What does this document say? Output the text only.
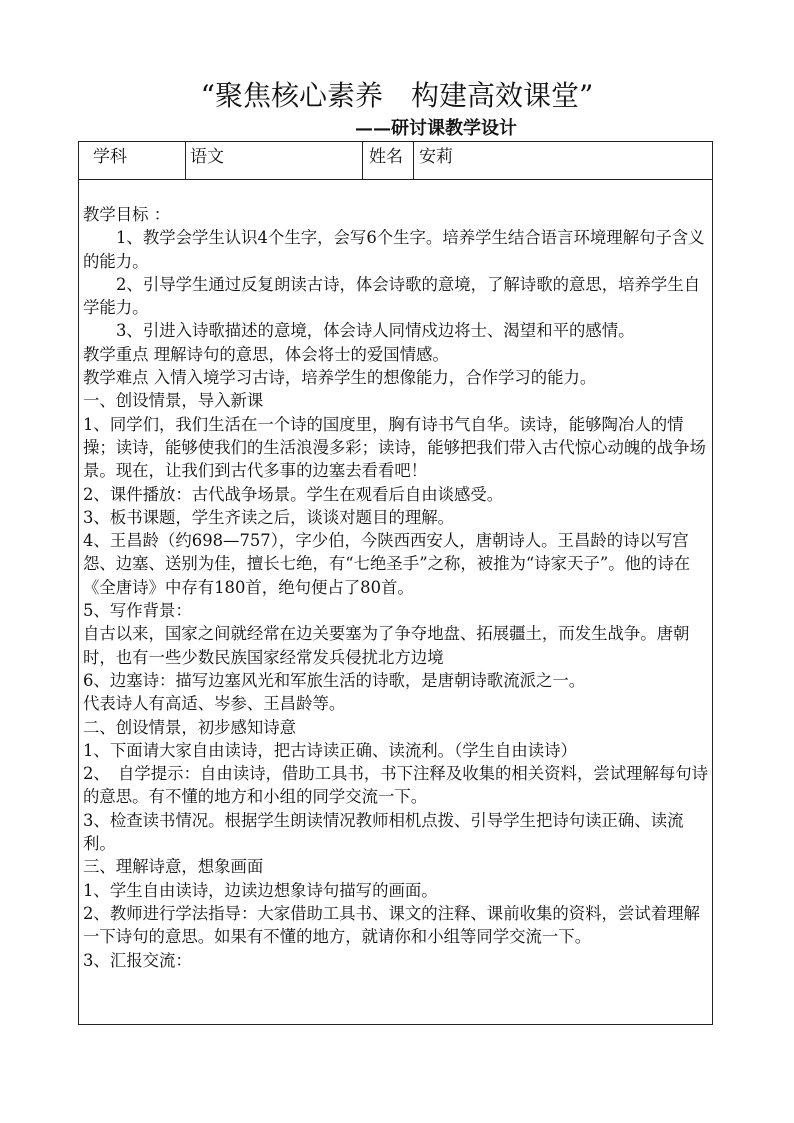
“聚焦核心素养　构建高效课堂”
——研讨课教学设计
学科	语文	姓名 安莉

教学目标 ：

1、教学会学生认识4个生字，会写6个生字。培养学生结合语言环境理解句子含义的能力。

2、引导学生通过反复朗读古诗，体会诗歌的意境，了解诗歌的意思，培养学生自学能力。

3、引进入诗歌描述的意境，体会诗人同情戍边将士、渴望和平的感情。

教学重点 理解诗句的意思，体会将士的爱国情感。

教学难点 入情入境学习古诗，培养学生的想像能力，合作学习的能力。

一、创设情景，导入新课

1、同学们，我们生活在一个诗的国度里，胸有诗书气自华。读诗，能够陶冶人的情操；读诗，能够使我们的生活浪漫多彩；读诗，能够把我们带入古代惊心动魄的战争场景。现在，让我们到古代多事的边塞去看看吧！

2、课件播放：古代战争场景。学生在观看后自由谈感受。

3、板书课题，学生齐读之后，谈谈对题目的理解。

4、王昌龄（约698—757），字少伯，今陕西西安人，唐朝诗人。王昌龄的诗以写宫怨、边塞、送别为佳，擅长七绝，有“七绝圣手”之称，被推为“诗家天子”。他的诗在《全唐诗》中存有180首，绝句便占了80首。

5、写作背景：

自古以来，国家之间就经常在边关要塞为了争夺地盘、拓展疆土，而发生战争。唐朝时，也有一些少数民族国家经常发兵侵扰北方边境

6、边塞诗：描写边塞风光和军旅生活的诗歌，是唐朝诗歌流派之一。

代表诗人有高适、岑参、王昌龄等。

二、创设情景，初步感知诗意

1、下面请大家自由读诗，把古诗读正确、读流利。（学生自由读诗）

2、　自学提示：自由读诗，借助工具书，书下注释及收集的相关资料，尝试理解每句诗的意思。有不懂的地方和小组的同学交流一下。

3、检查读书情况。根据学生朗读情况教师相机点拨、引导学生把诗句读正确、读流利。

三、理解诗意，想象画面

1、学生自由读诗，边读边想象诗句描写的画面。

2、教师进行学法指导：大家借助工具书、课文的注释、课前收集的资料，尝试着理解一下诗句的意思。如果有不懂的地方，就请你和小组等同学交流一下。

3、汇报交流：
